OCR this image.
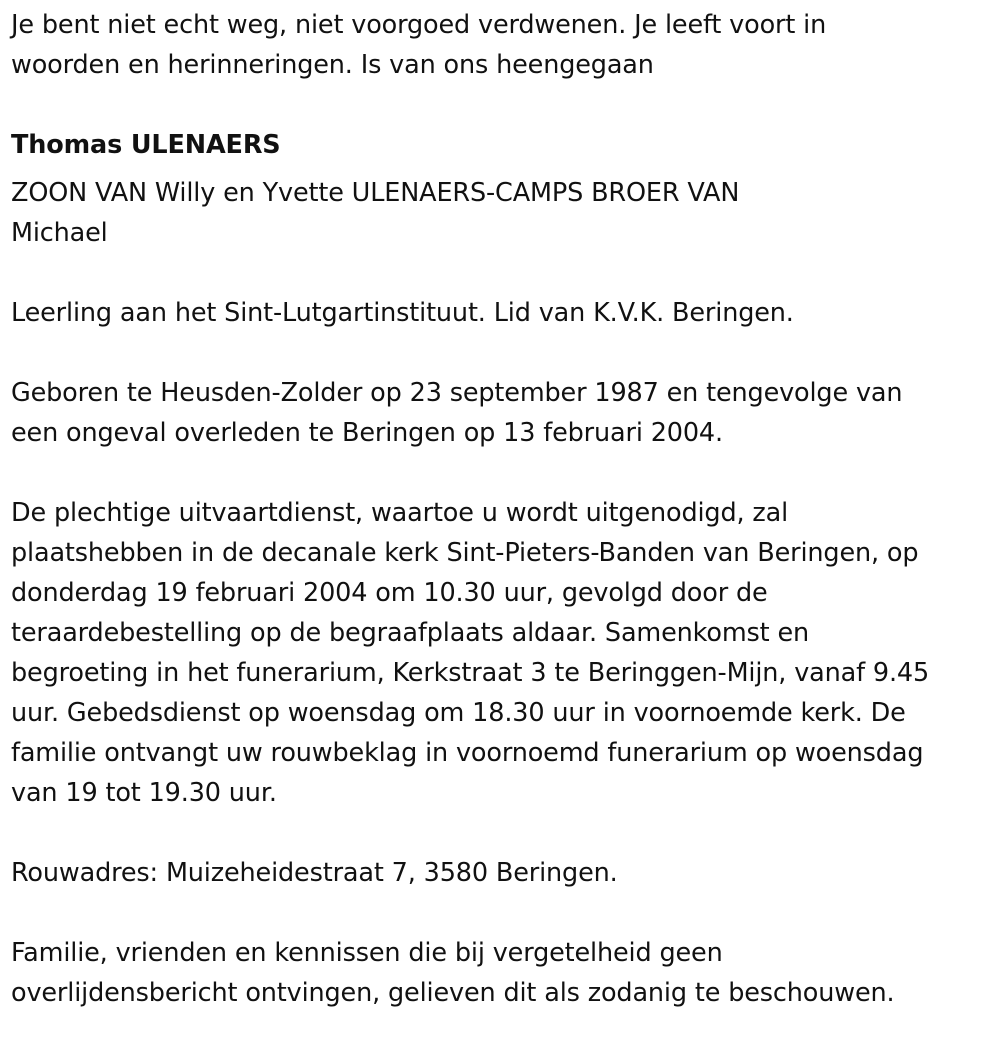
Je bent niet echt weg, niet voorgoed verdwenen. Je leeft voort in
woorden en herinneringen. Is van ons heengegaan
Thomas ULENAERS
ZOON VAN Willy en Yvette ULENAERS-CAMPS BROER VAN
Michael
Leerling aan het Sint-Lutgartinstituut. Lid van K.V.K. Beringen.
Geboren te Heusden-Zolder op 23 september 1987 en tengevolge van
een ongeval overleden te Beringen op 13 februari 2004.
De plechtige uitvaartdienst, waartoe u wordt uitgenodigd, zal
plaatshebben in de decanale kerk Sint-Pieters-Banden van Beringen, op
donderdag 19 februari 2004 om 10.30 uur, gevolgd door de
teraardebestelling op de begraafplaats aldaar. Samenkomst en
begroeting in het funerarium, Kerkstraat 3 te Beringgen-Mijn, vanaf 9.45
uur. Gebedsdienst op woensdag om 18.30 uur in voornoemde kerk. De
familie ontvangt uw rouwbeklag in voornoemd funerarium op woensdag
van 19 tot 19.30 uur.
Rouwadres: Muizeheidestraat 7, 3580 Beringen.
Familie, vrienden en kennissen die bij vergetelheid geen
overlijdensbericht ontvingen, gelieven dit als zodanig te beschouwen.
